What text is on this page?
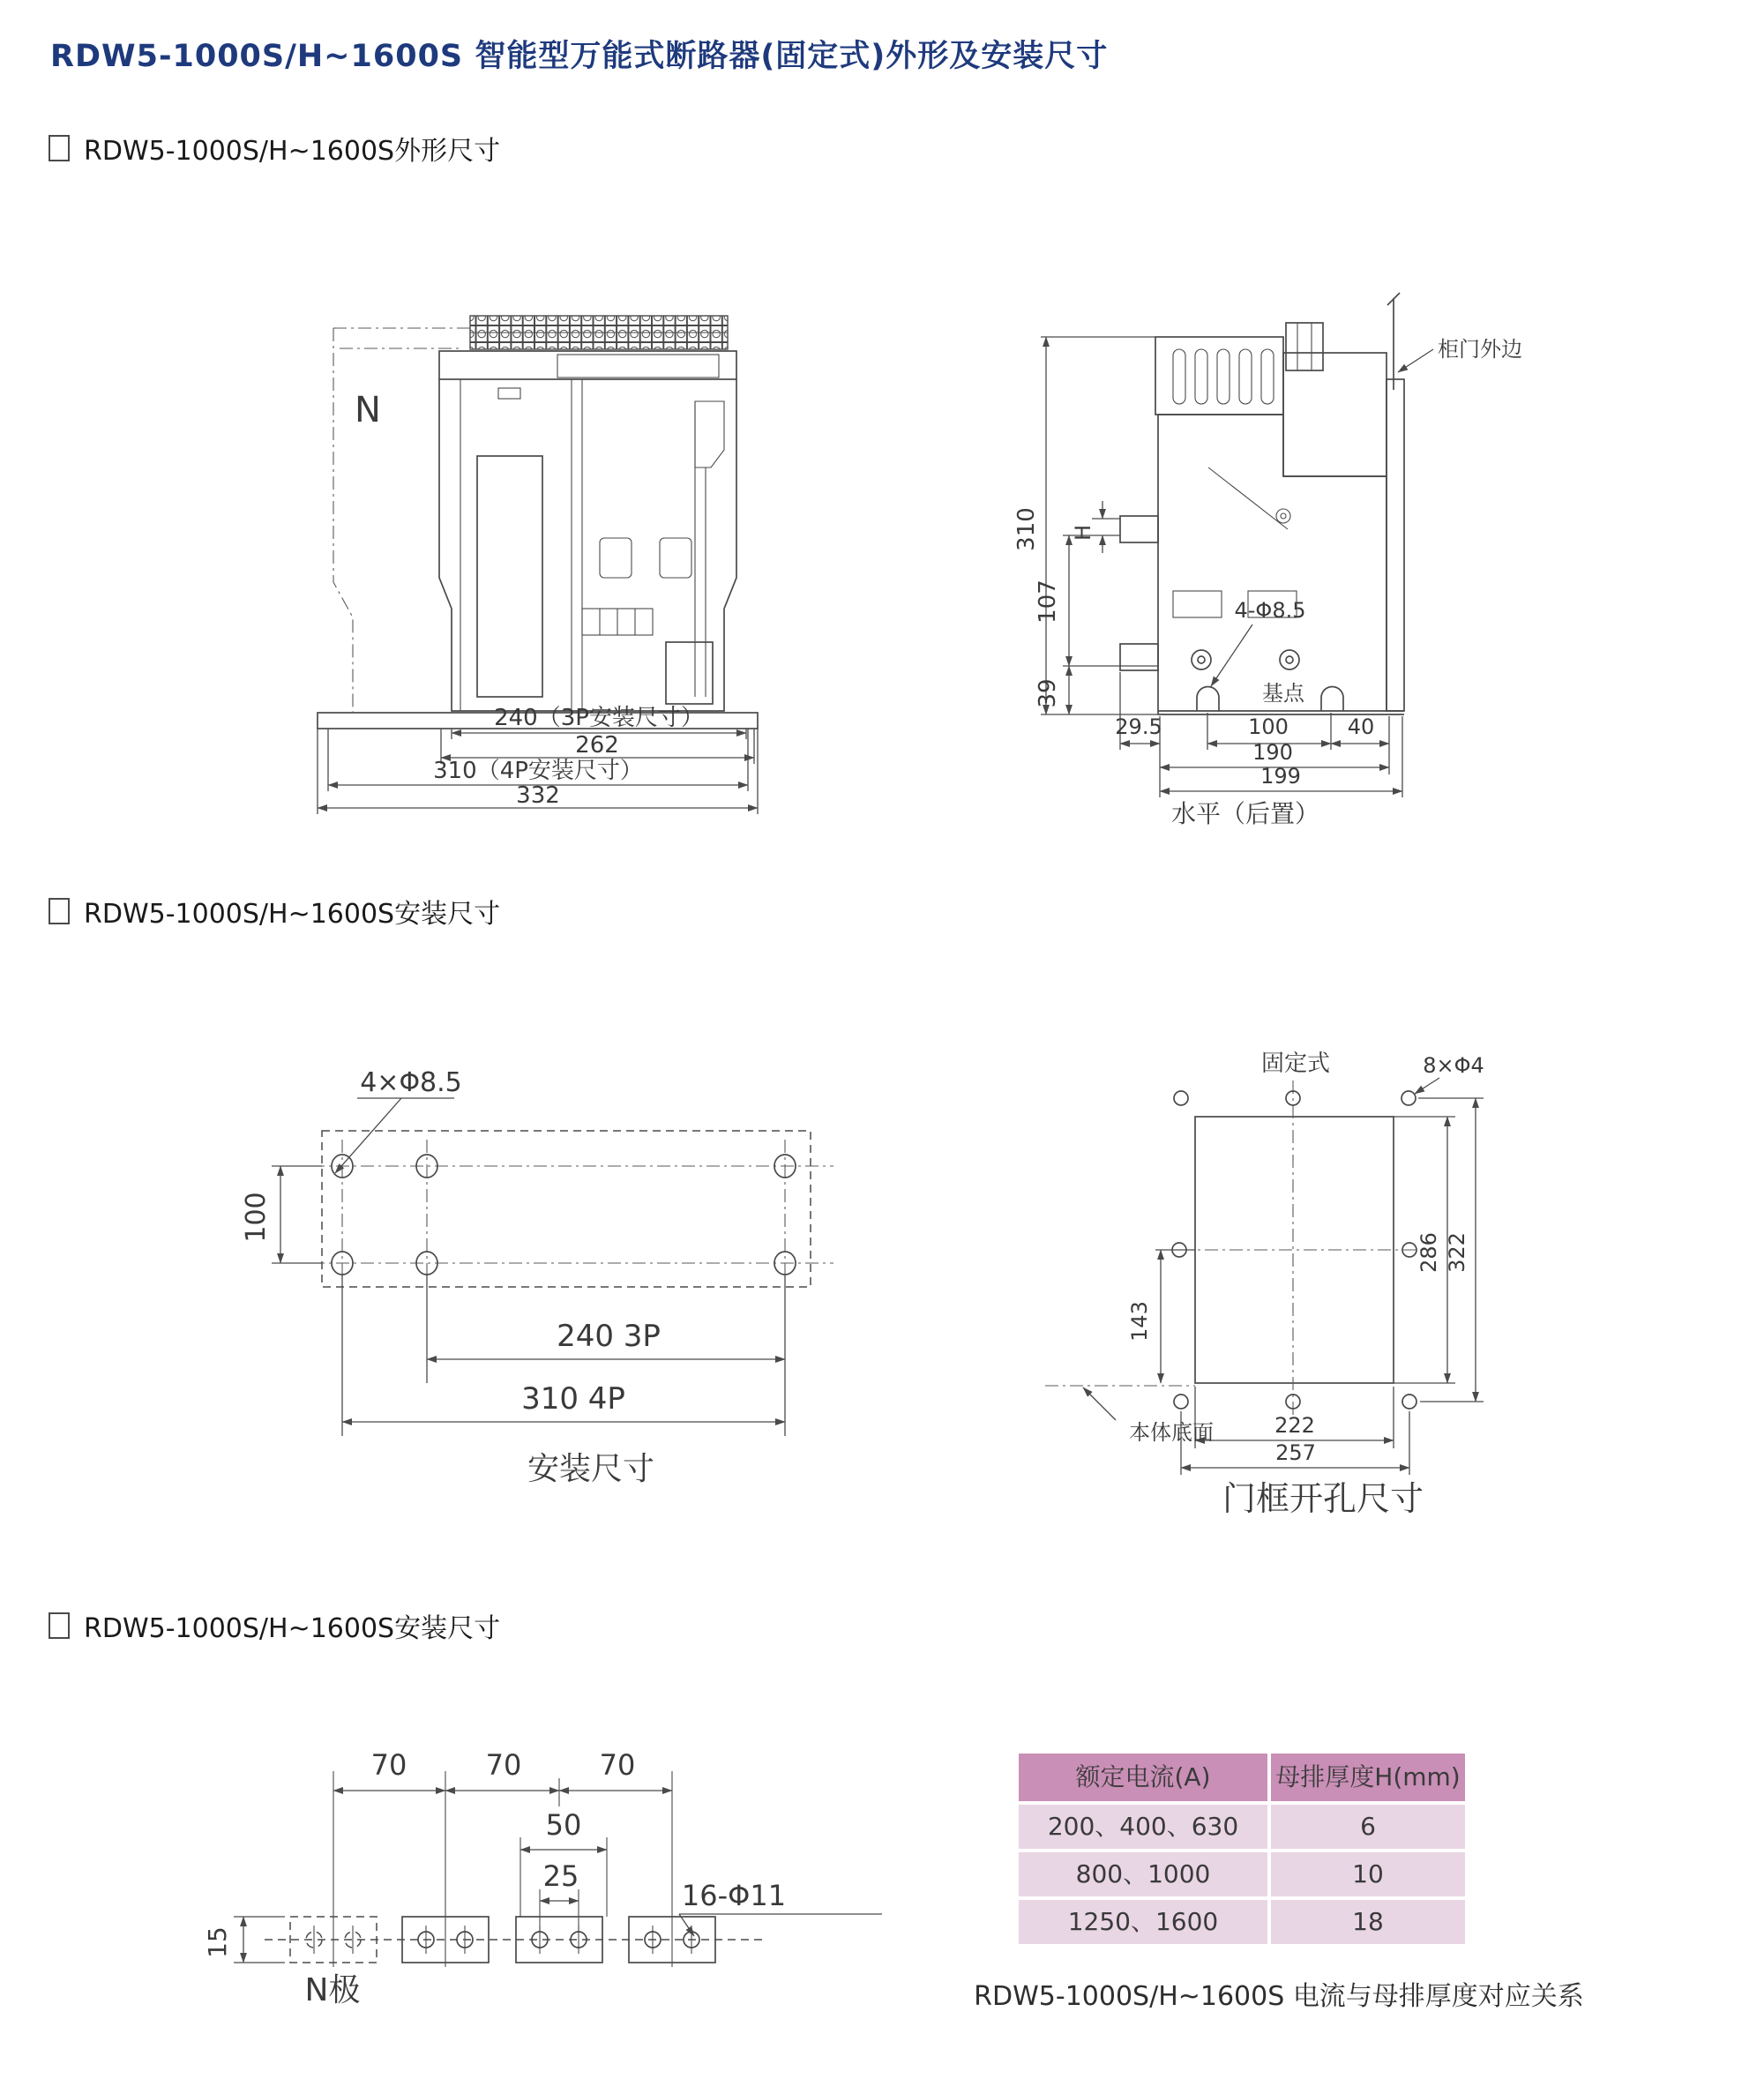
RDW5-1000S/H~1600S 智能型万能式断路器(固定式)外形及安装尺寸
RDW5-1000S/H~1600S外形尺寸
N
240（3P安装尺寸）
262
310（4P安装尺寸）
332
柜门外边
4-Φ8.5
基点
310 H
107
39
29.5	100	40
190
199
水平（后置）
RDW5-1000S/H~1600S安装尺寸
4×Φ8.5
100
240 3P
310 4P
安装尺寸
固定式	8×Φ4
143
286 322
222
257
本体底面
门框开孔尺寸
RDW5-1000S/H~1600S安装尺寸
70	70	70
50
25
16-Φ11
15
N极
额定电流(A)	母排厚度H(mm)
200、400、630	6
800、1000	10
1250、1600	18
RDW5-1000S/H~1600S 电流与母排厚度对应关系
